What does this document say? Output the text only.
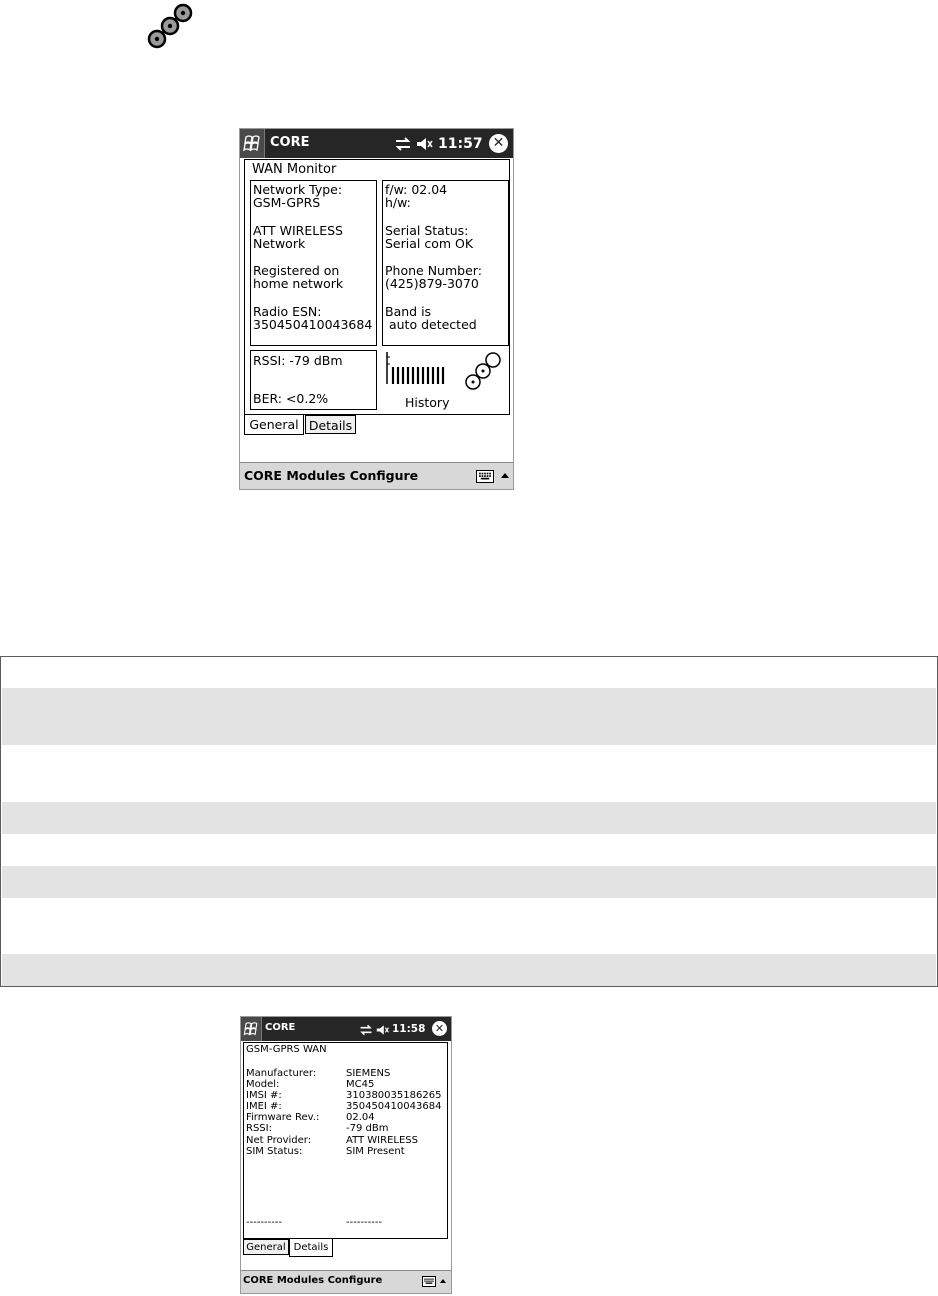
CORE	11:57 ✕
WAN Monitor
Network Type:
GSM-GPRS
ATT WIRELESS
Network
Registered on
home network
Radio ESN:
350450410043684
f/w: 02.04
h/w:
Serial Status:
Serial com OK
Phone Number:
(425)879-3070
Band is
auto detected
RSSI: -79 dBm
BER: <0.2%	History
General Details
CORE Modules Configure
CORE	11:58 ✕
GSM-GPRS WAN
Manufacturer:	SIEMENS
Model:	MC45
IMSI #:	310380035186265
IMEI #:	350450410043684
Firmware Rev.:	02.04
RSSI:	-79 dBm
Net Provider:	ATT WIRELESS
SIM Status:	SIM Present
----------	----------
General Details
CORE Modules Configure
